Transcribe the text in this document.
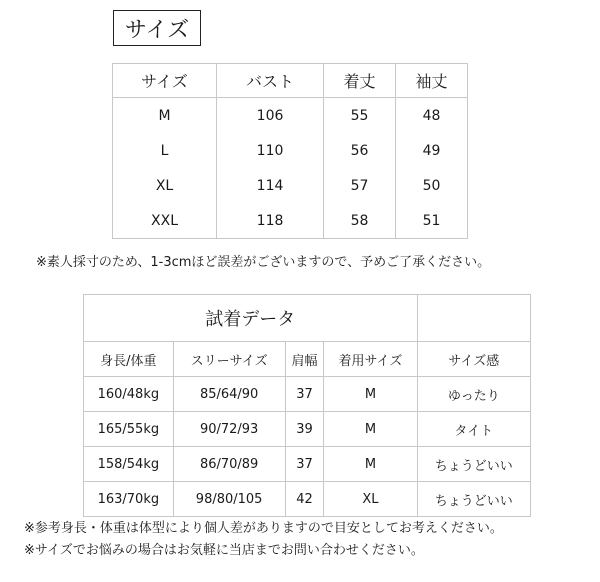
サイズ
サイズ	バスト	着丈	袖丈
M	106	55	48
L	110	56	49
XL	114	57	50
XXL	118	58	51
※素人採寸のため、1-3cmほど誤差がございますので、予めご了承ください。
試着データ				
身長/体重	スリーサイズ	肩幅	着用サイズ	サイズ感
160/48kg	85/64/90	37	M	ゆったり
165/55kg	90/72/93	39	M	タイト
158/54kg	86/70/89	37	M	ちょうどいい
163/70kg	98/80/105	42	XL	ちょうどいい
※参考身長・体重は体型により個人差がありますので目安としてお考えください。
※サイズでお悩みの場合はお気軽に当店までお問い合わせください。
